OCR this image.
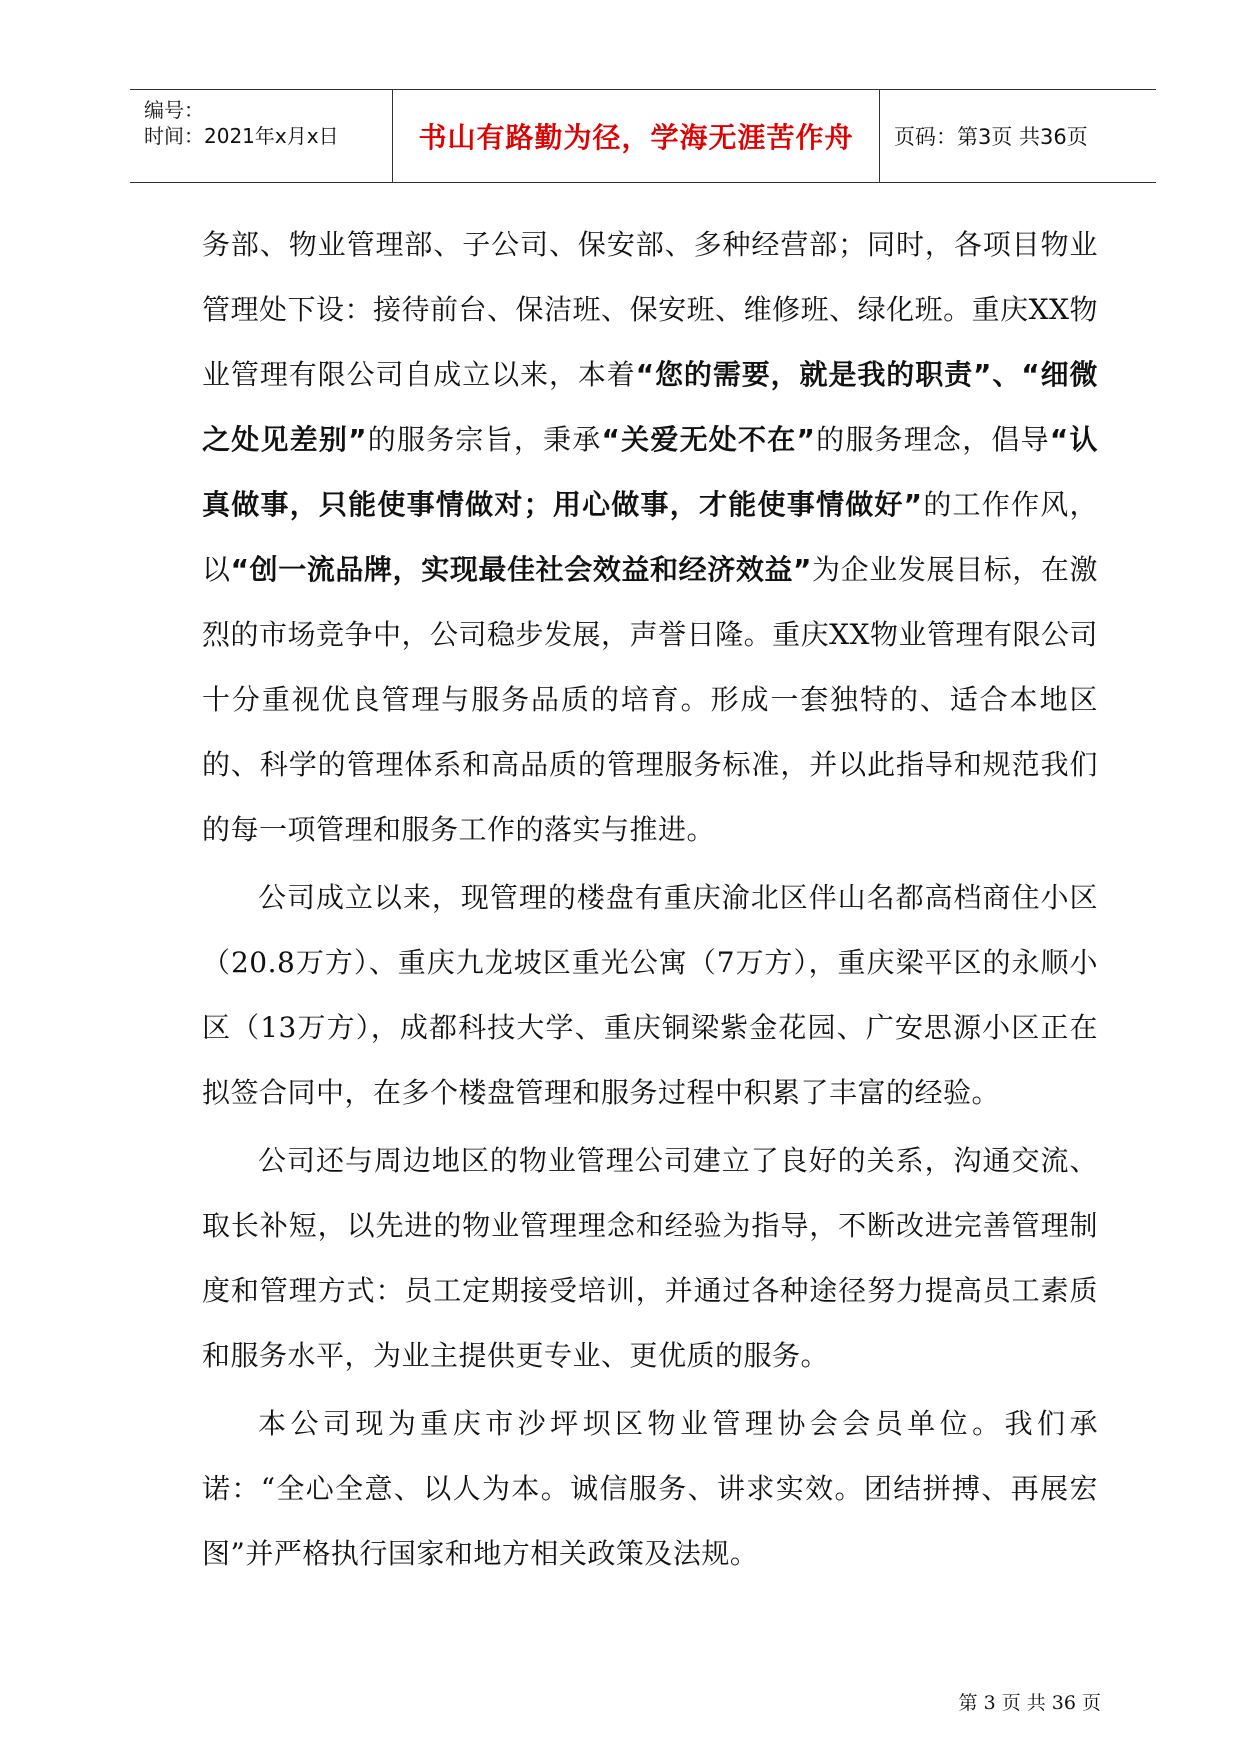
编号：
时间：2021年x月x日	书山有路勤为径，学海无涯苦作舟	页码：第3页 共36页

务部、物业管理部、子公司、保安部、多种经营部；同时，各项目物业管理处下设：接待前台、保洁班、保安班、维修班、绿化班。重庆XX物业管理有限公司自成立以来，本着“您的需要，就是我的职责”、“细微之处见差别”的服务宗旨，秉承“关爱无处不在”的服务理念，倡导“认真做事，只能使事情做对；用心做事，才能使事情做好”的工作作风，以“创一流品牌，实现最佳社会效益和经济效益”为企业发展目标，在激烈的市场竞争中，公司稳步发展，声誉日隆。重庆XX物业管理有限公司十分重视优良管理与服务品质的培育。形成一套独特的、适合本地区的、科学的管理体系和高品质的管理服务标准，并以此指导和规范我们的每一项管理和服务工作的落实与推进。

公司成立以来，现管理的楼盘有重庆渝北区伴山名都高档商住小区（20.8万方）、重庆九龙坡区重光公寓（7万方），重庆梁平区的永顺小区（13万方），成都科技大学、重庆铜梁紫金花园、广安思源小区正在拟签合同中，在多个楼盘管理和服务过程中积累了丰富的经验。

公司还与周边地区的物业管理公司建立了良好的关系，沟通交流、取长补短，以先进的物业管理理念和经验为指导，不断改进完善管理制度和管理方式：员工定期接受培训，并通过各种途径努力提高员工素质和服务水平，为业主提供更专业、更优质的服务。

本公司现为重庆市沙坪坝区物业管理协会会员单位。我们承诺：“全心全意、以人为本。诚信服务、讲求实效。团结拼搏、再展宏图”并严格执行国家和地方相关政策及法规。

第 3 页 共 36 页
